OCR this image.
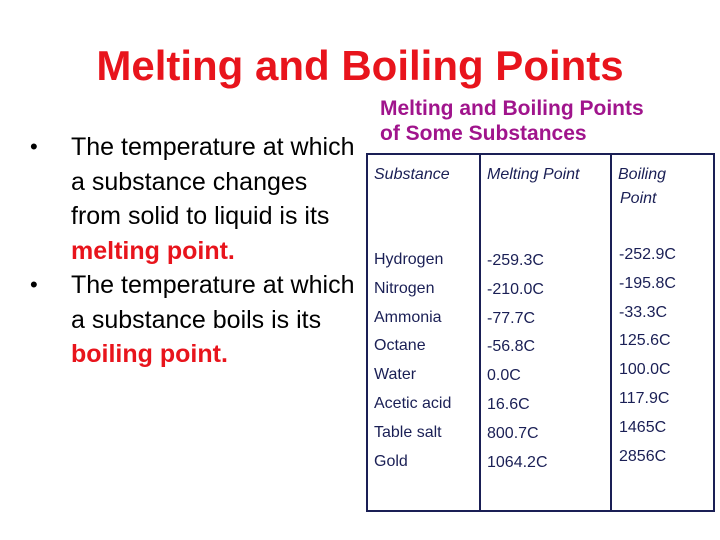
Melting and Boiling Points
• The temperature at which a substance changes from solid to liquid is its melting point.
• The temperature at which a substance boils is its boiling point.
Melting and Boiling Points
of Some Substances
Substance Melting Point Boiling
Point
Hydrogen
Nitrogen
Ammonia
Octane
Water
Acetic acid
Table salt
Gold
-259.3C
-210.0C
-77.7C
-56.8C
0.0C
16.6C
800.7C
1064.2C
-252.9C
-195.8C
-33.3C
125.6C
100.0C
117.9C
1465C
2856C
